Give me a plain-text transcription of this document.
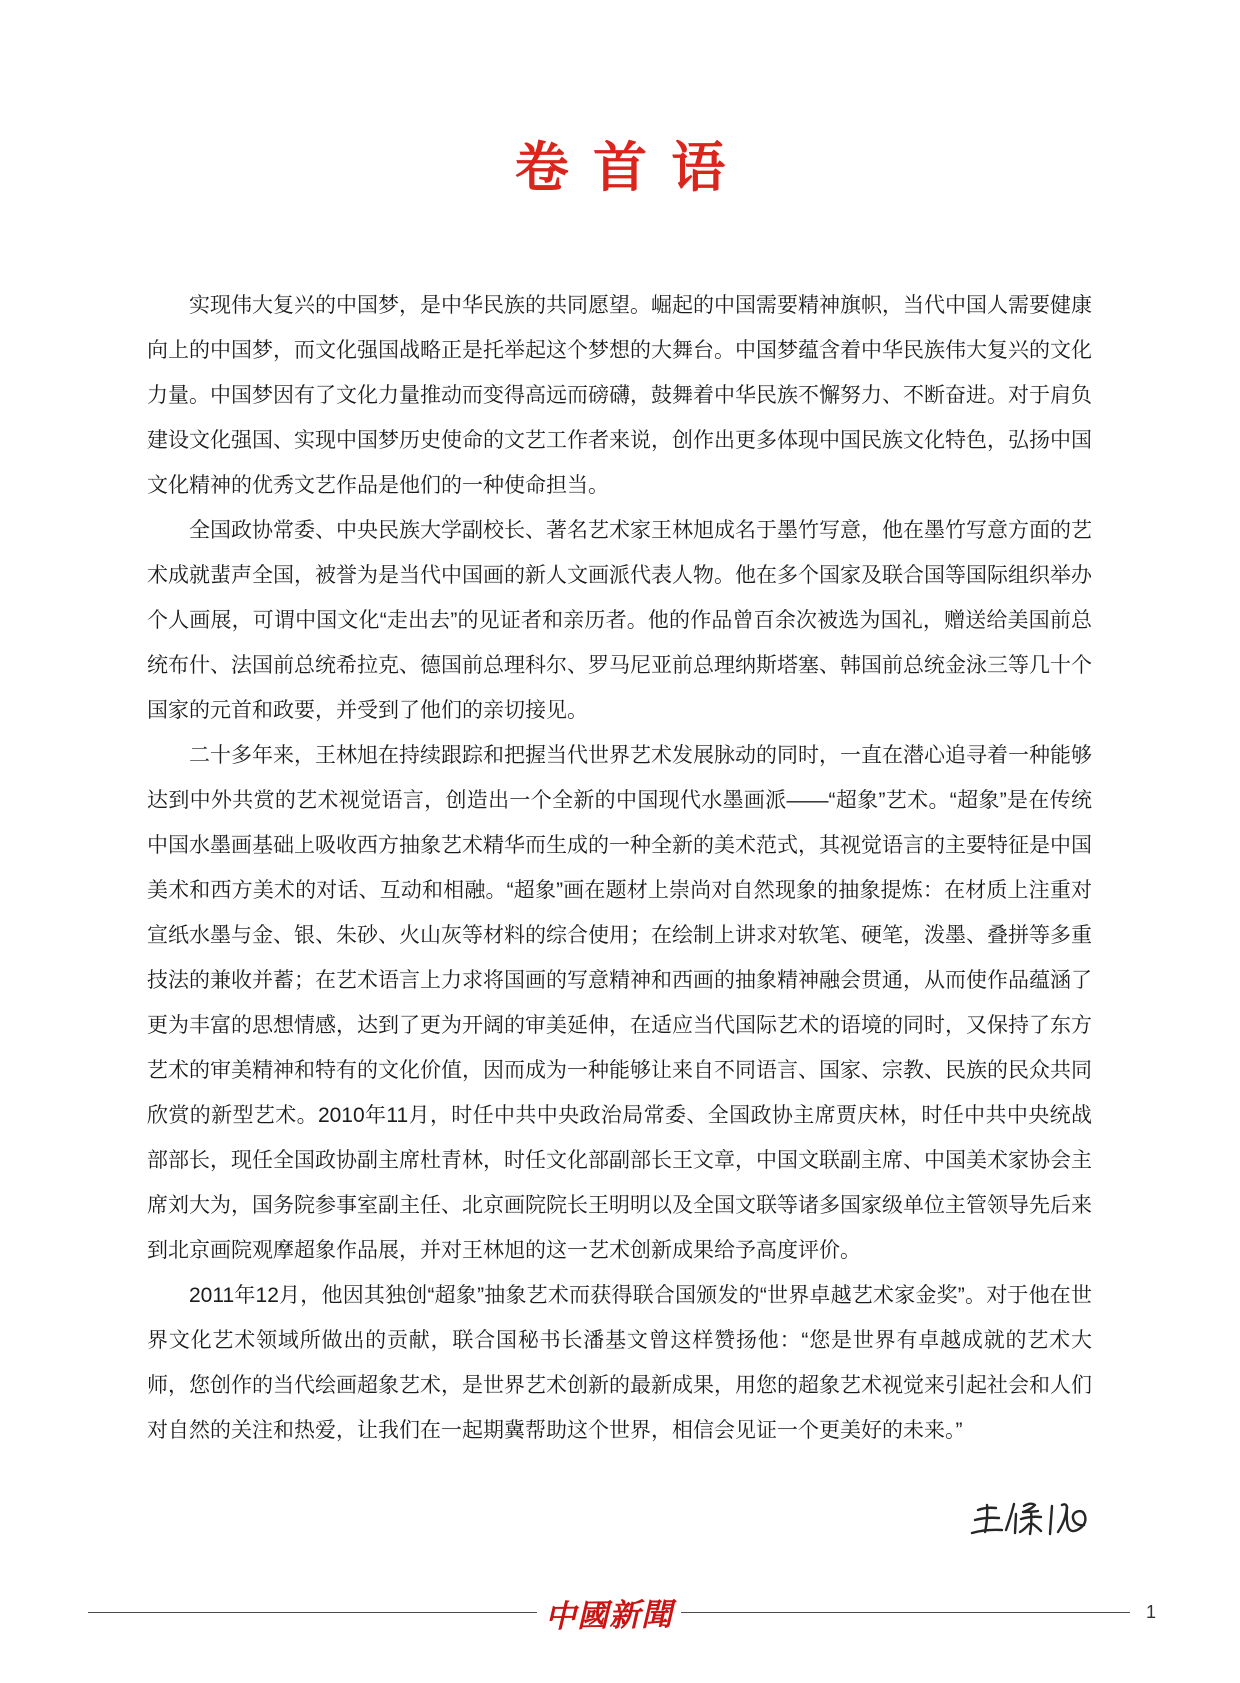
卷首语

实现伟大复兴的中国梦，是中华民族的共同愿望。崛起的中国需要精神旗帜，当代中国人需要健康向上的中国梦，而文化强国战略正是托举起这个梦想的大舞台。中国梦蕴含着中华民族伟大复兴的文化力量。中国梦因有了文化力量推动而变得高远而磅礴，鼓舞着中华民族不懈努力、不断奋进。对于肩负建设文化强国、实现中国梦历史使命的文艺工作者来说，创作出更多体现中国民族文化特色，弘扬中国文化精神的优秀文艺作品是他们的一种使命担当。

全国政协常委、中央民族大学副校长、著名艺术家王林旭成名于墨竹写意，他在墨竹写意方面的艺术成就蜚声全国，被誉为是当代中国画的新人文画派代表人物。他在多个国家及联合国等国际组织举办个人画展，可谓中国文化“走出去”的见证者和亲历者。他的作品曾百余次被选为国礼，赠送给美国前总统布什、法国前总统希拉克、德国前总理科尔、罗马尼亚前总理纳斯塔塞、韩国前总统金泳三等几十个国家的元首和政要，并受到了他们的亲切接见。

二十多年来，王林旭在持续跟踪和把握当代世界艺术发展脉动的同时，一直在潜心追寻着一种能够达到中外共赏的艺术视觉语言，创造出一个全新的中国现代水墨画派——“超象”艺术。“超象”是在传统中国水墨画基础上吸收西方抽象艺术精华而生成的一种全新的美术范式，其视觉语言的主要特征是中国美术和西方美术的对话、互动和相融。“超象”画在题材上崇尚对自然现象的抽象提炼：在材质上注重对宣纸水墨与金、银、朱砂、火山灰等材料的综合使用；在绘制上讲求对软笔、硬笔，泼墨、叠拼等多重技法的兼收并蓄；在艺术语言上力求将国画的写意精神和西画的抽象精神融会贯通，从而使作品蕴涵了更为丰富的思想情感，达到了更为开阔的审美延伸，在适应当代国际艺术的语境的同时，又保持了东方艺术的审美精神和特有的文化价值，因而成为一种能够让来自不同语言、国家、宗教、民族的民众共同欣赏的新型艺术。2010年11月，时任中共中央政治局常委、全国政协主席贾庆林，时任中共中央统战部部长，现任全国政协副主席杜青林，时任文化部副部长王文章，中国文联副主席、中国美术家协会主席刘大为，国务院参事室副主任、北京画院院长王明明以及全国文联等诸多国家级单位主管领导先后来到北京画院观摩超象作品展，并对王林旭的这一艺术创新成果给予高度评价。

2011年12月，他因其独创“超象”抽象艺术而获得联合国颁发的“世界卓越艺术家金奖”。对于他在世界文化艺术领域所做出的贡献，联合国秘书长潘基文曾这样赞扬他：“您是世界有卓越成就的艺术大师，您创作的当代绘画超象艺术，是世界艺术创新的最新成果，用您的超象艺术视觉来引起社会和人们对自然的关注和热爱，让我们在一起期冀帮助这个世界，相信会见证一个更美好的未来。”

中國新聞	1
